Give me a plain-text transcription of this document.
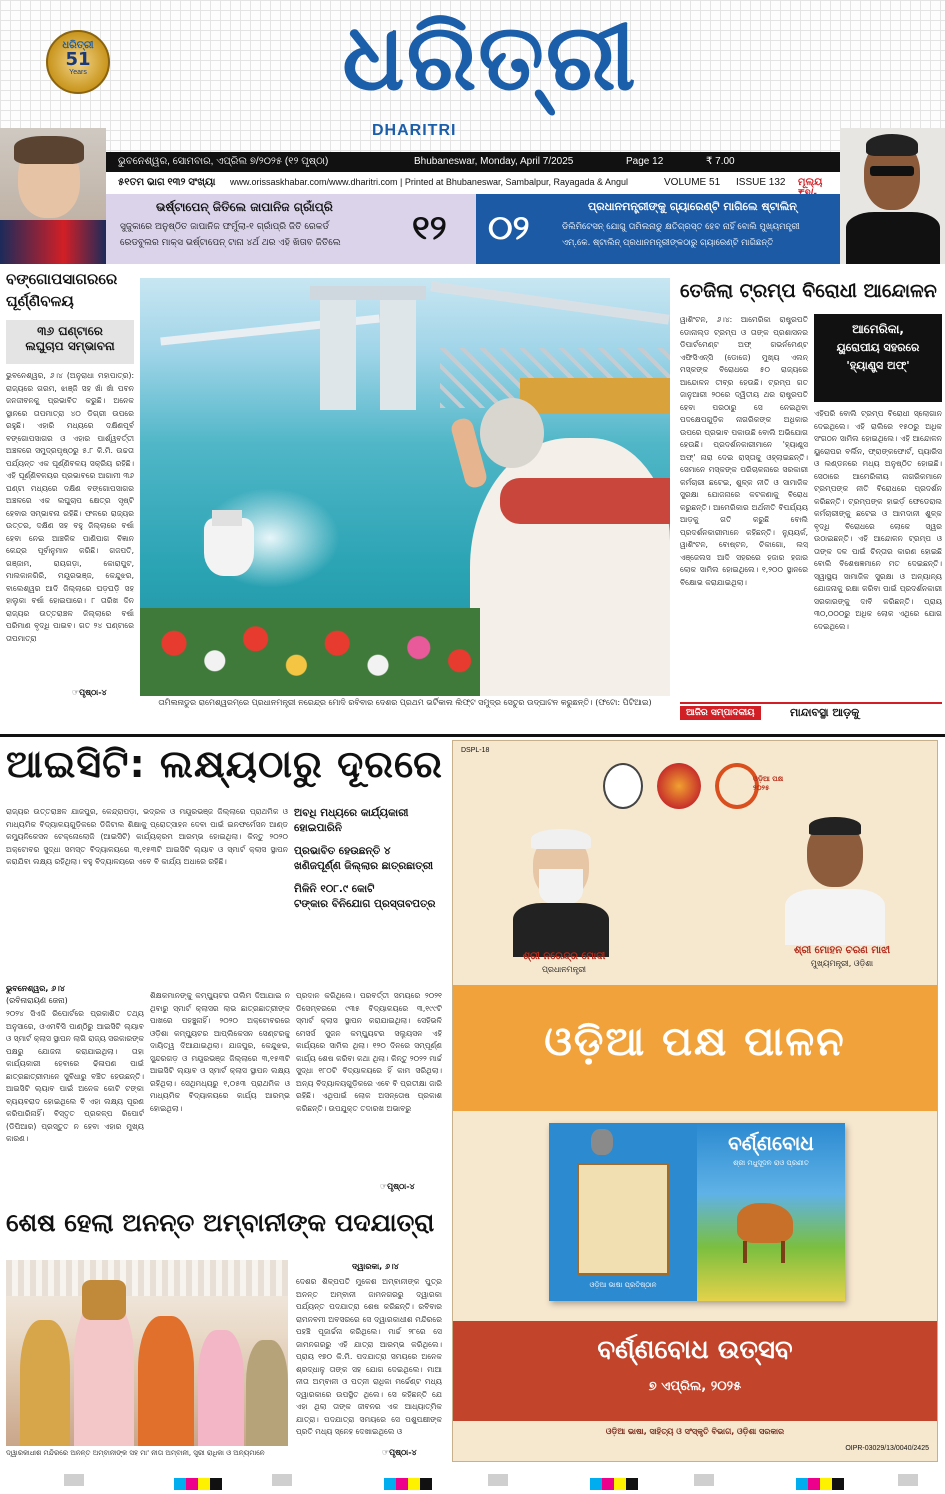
ଧରିତ୍ରୀ
51
Years	ଧରିତ୍ରୀ
DHARITRI
ଭୁବନେଶ୍ୱର, ସୋମବାର, ଏପ୍ରିଲ ୭/୨୦୨୫ (୧୨ ପୃଷ୍ଠା)	Bhubaneswar, Monday, April 7/2025	Page 12	₹ 7.00
୫୧ତମ ଭାଗ ୧୩୨ ସଂଖ୍ୟା www.orissaskhabar.com/www.dharitri.com | Printed at Bhubaneswar, Sambalpur, Rayagada & Angul	VOLUME 51 ISSUE 132 ମୂଲ୍ୟ
ଭର୍ଷ୍ଟାପେନ୍ ଜିତିଲେ ଜାପାନିଜ ଗ୍ରାଁପ୍ରି
ସୁଜୁକାରେ ଅନୁଷ୍ଠିତ ଜାପାନିଜ ଫର୍ମୁଲା-୧ ଗ୍ରାଁପ୍ରି ଜିତି ରେକର୍ଡ
ରେଡବୁଲର ମାକ୍ସ ଭର୍ଷ୍ଟାପେନ୍ ଟାନା ୪ର୍ଥ ଥର ଏହି ଖିତାବ ଜିତିଲେ	୧୨ ୦୨
ପ୍ରଧାନମନ୍ତ୍ରୀଙ୍କୁ ଗ୍ୟାରେଣ୍ଟି ମାଗିଲେ ଷ୍ଟାଲିନ୍
ଡିଲିମିଟେସନ୍ ଯୋଗୁ ତାମିଲନାଡୁ କ୍ଷତିଗ୍ରସ୍ତ ହେବ ନାହିଁ ବୋଲି ମୁଖ୍ୟମନ୍ତ୍ରୀ
ଏମ୍.କେ. ଷ୍ଟାଲିନ୍ ପ୍ରଧାନମନ୍ତ୍ରୀଙ୍କଠାରୁ ଗ୍ୟାରେଣ୍ଟି ମାଗିଛନ୍ତି
ବଙ୍ଗୋପସାଗରରେ
ଘୂର୍ଣ୍ଣିବଳୟ
୩୬ ଘଣ୍ଟାରେ
ଲଘୁଚାପ ସମ୍ଭାବନା
ଭୁବନେଶ୍ୱର, ୬।୪ (ଅନୁରାଧା ମହାପାତ୍ର): ରାଜ୍ୟରେ ଗରମ, ଝାଞ୍ଜି ସହ ଖାଁ ଖାଁ ପବନ ଜନଜୀବନକୁ ପ୍ରଭାବିତ କରୁଛି। ଅନେକ ସ୍ଥାନରେ ତାପମାତ୍ରା ୪୦ ଡିଗ୍ରୀ ଉପରେ ରହୁଛି। ଏହାରି ମଧ୍ୟରେ ଦକ୍ଷିଣପୂର୍ବ ବଙ୍ଗୋପସାଗର ଓ ଏହାର ପାର୍ଶ୍ୱବର୍ତ୍ତୀ ଅଞ୍ଚଳରେ ସମୁଦ୍ରପୃଷ୍ଠରୁ ୫.୮ କି.ମି. ଉଚ୍ଚତା ପର୍ଯ୍ୟନ୍ତ ଏକ ଘୂର୍ଣ୍ଣିବଳୟ ସକ୍ରିୟ ରହିଛି। ଏହି ଘୂର୍ଣ୍ଣିବଳୟର ପ୍ରଭାବରେ ଆଗାମୀ ୩୬ ଘଣ୍ଟା ମଧ୍ୟରେ ଦକ୍ଷିଣ ବଙ୍ଗୋପସାଗର ଅଞ୍ଚଳରେ ଏକ ଲଘୁଚାପ କ୍ଷେତ୍ର ସୃଷ୍ଟି ହେବାର ସମ୍ଭାବନା ରହିଛି। ଫଳରେ ରାଜ୍ୟର ଉତ୍ତର, ଦକ୍ଷିଣ ସହ ବହୁ ଜିଲ୍ଲାରେ ବର୍ଷା ହେବା ନେଇ ଆଞ୍ଚଳିକ ପାଣିପାଗ ବିଜ୍ଞାନ କେନ୍ଦ୍ର ପୂର୍ବାନୁମାନ କରିଛି। ଗଜପତି, ଗଞ୍ଜାମ, ରାୟଗଡ଼ା, କୋରାପୁଟ, ମାଲକାନଗିରି, ମୟୂରଭଞ୍ଜ, କେନ୍ଦୁଝର, ବାଲେଶ୍ୱର ଆଦି ଜିଲ୍ଲାରେ ଘଡ଼ଘଡ଼ି ସହ ହାଲୁକା ବର୍ଷା ହୋଇପାରେ। ୮ ତାରିଖ ଦିନ ରାଜ୍ୟର ଉତ୍ତରାଞ୍ଚଳ ଜିଲ୍ଲାରେ ବର୍ଷା ପରିମାଣ ବୃଦ୍ଧି ପାଇବ। ଗତ ୨୪ ଘଣ୍ଟାରେ ତାପମାତ୍ରା
☞ପୃଷ୍ଠା-୪
ତାମିଲନାଡୁର ରାମେଶ୍ୱରମ୍‌ରେ ପ୍ରଧାନମନ୍ତ୍ରୀ ନରେନ୍ଦ୍ର ମୋଦି ରବିବାର ଦେଶର ପ୍ରଥମ ଭର୍ଟିକାଲ ଲିଫ୍ଟ ସମୁଦ୍ର ସେତୁର ଉଦ୍‌ଘାଟନ କରୁଛନ୍ତି। (ଫଟୋ: ପିଟିଆଇ)
ତେଜିଲା ଟ୍ରମ୍ପ ବିରୋଧୀ ଆନ୍ଦୋଳନ
ଆମେରିକା,
ୟୁରୋପୀୟ ସହରରେ
'ହ୍ୟାଣ୍ଡ୍ସ ଅଫ୍'
ୱାଶିଂଟନ, ୬।୪: ଆମେରିକା ରାଷ୍ଟ୍ରପତି ଡୋନାଲ୍ଡ ଟ୍ରମ୍ପ ଓ ତାଙ୍କ ପ୍ରଶାସନର ଡିପାର୍ଟମେଣ୍ଟ ଅଫ୍ ଗଭର୍ନମେଣ୍ଟ ଏଫିସିଏନ୍ସି (ଡୋଜେ) ମୁଖ୍ୟ ଏଲନ୍ ମସ୍କଙ୍କ ବିରୋଧରେ ୫୦ ରାଜ୍ୟରେ ଆନ୍ଦୋଳନ ତୀବ୍ର ହେଉଛି। ଟ୍ରମ୍ପ ଗତ ଜାନୁଆରୀ ୨୦ରେ ଦ୍ୱିତୀୟ ଥର ରାଷ୍ଟ୍ରପତି ହେବା ପରଠାରୁ ସେ ନେଇଥିବା ପଦକ୍ଷେପଗୁଡ଼ିକ ନାଗରିକଙ୍କ ଅଧିକାର ଉପରେ ପ୍ରଭାବ ପକାଉଛି ବୋଲି ଅଭିଯୋଗ ହେଉଛି। ପ୍ରଦର୍ଶନକାରୀମାନେ 'ହ୍ୟାଣ୍ଡ୍ସ ଅଫ୍' ନାରା ଦେଇ ରାସ୍ତାକୁ ଓହ୍ଲାଇଛନ୍ତି। ସେମାନେ ମସ୍କଙ୍କ ପରିଚାଳନାରେ ସରକାରୀ କର୍ମଚାରୀ ଛଟେଇ, ଶୁଳ୍କ ନୀତି ଓ ସାମାଜିକ ସୁରକ୍ଷା ଯୋଜନାରେ କଟକଣାକୁ ବିରୋଧ କରୁଛନ୍ତି। ଆମେରିକାର ଅର୍ଥନୀତି ବିପର୍ଯ୍ୟୟ ଆଡ଼କୁ ଗତି କରୁଛି ବୋଲି ପ୍ରଦର୍ଶନକାରୀମାନେ କହିଛନ୍ତି। ନ୍ୟୁୟର୍କ, ୱାଶିଂଟନ, ବୋଷ୍ଟନ, ଚିକାଗୋ, ଲସ୍ ଏଞ୍ଜେଲସ ଆଦି ସହରରେ ହଜାର ହଜାର ଲୋକ ସାମିଲ ହୋଇଥିଲେ। ୧,୨୦୦ ସ୍ଥାନରେ ବିକ୍ଷୋଭ କରାଯାଇଥିଲା।
ଏହିପରି ବୋଲି ଟ୍ରମ୍ପ ବିରୋଧୀ ସ୍ଲୋଗାନ ଦେଇଥିଲେ। ଏହି ରାଲିରେ ୧୫୦ରୁ ଅଧିକ ସଂଗଠନ ସାମିଲ ହୋଇଥିଲେ। ଏହି ଆନ୍ଦୋଳନ ୟୁରୋପର ବର୍ଲିନ, ଫ୍ରାଙ୍କଫୋର୍ଟ, ପ୍ୟାରିସ ଓ ଲଣ୍ଡନରେ ମଧ୍ୟ ଅନୁଷ୍ଠିତ ହୋଇଛି। ସେଠାରେ ଆମେରିକୀୟ ନାଗରିକମାନେ ଟ୍ରମ୍ପଙ୍କ ନୀତି ବିରୋଧରେ ପ୍ରଦର୍ଶନ କରିଛନ୍ତି। ଟ୍ରମ୍ପଙ୍କ ହାଇର୍ଡ଼ ଫେଡେରାଲ କର୍ମଚାରୀଙ୍କୁ ଛଟେଇ ଓ ଆମଦାନୀ ଶୁଳ୍କ ବୃଦ୍ଧି ବିରୋଧରେ ଲୋକେ ସ୍ୱର ଉଠାଇଛନ୍ତି। ଏହି ଆନ୍ଦୋଳନ ଟ୍ରମ୍ପ ଓ ତାଙ୍କ ଦଳ ପାଇଁ ଚିନ୍ତାର କାରଣ ହୋଇଛି ବୋଲି ବିଶେଷଜ୍ଞମାନେ ମତ ଦେଇଛନ୍ତି। ସ୍ୱାସ୍ଥ୍ୟ ସାମାଜିକ ସୁରକ୍ଷା ଓ ଅନ୍ୟାନ୍ୟ ଯୋଜନାକୁ ରକ୍ଷା କରିବା ପାଇଁ ପ୍ରଦର୍ଶନକାରୀ ସରକାରଙ୍କୁ ଦାବି କରିଛନ୍ତି। ପ୍ରାୟ ୩୦,୦୦୦ରୁ ଅଧିକ ଲୋକ ଏଥିରେ ଯୋଗ ଦେଇଥିଲେ।
ଆଜିର ସମ୍ପାଦକୀୟ	ମାନ୍ଦାବସ୍ଥା ଆଡ଼କୁ
ଆଇସିଟି: ଲକ୍ଷ୍ୟଠାରୁ ଦୂରରେ
ରାଜ୍ୟର ଉତ୍ତରାଞ୍ଚଳ ଯାଜପୁର, କେନ୍ଦ୍ରାପଡ଼ା, ଭଦ୍ରକ ଓ ମୟୂରଭଞ୍ଜ ଜିଲ୍ଲାରେ ପ୍ରାଥମିକ ଓ ମାଧ୍ୟମିକ ବିଦ୍ୟାଳୟଗୁଡ଼ିକରେ ଡିଜିଟାଲ ଶିକ୍ଷାକୁ ପ୍ରୋତ୍ସାହନ ଦେବା ପାଇଁ ଇନଫର୍ମେସନ ଆଣ୍ଡ କମ୍ୟୁନିକେସନ ଟେକ୍ନୋଲୋଜି (ଆଇସିଟି) କାର୍ଯ୍ୟକ୍ରମ ଆରମ୍ଭ ହୋଇଥିଲା। କିନ୍ତୁ ୨୦୨୦ ଅକ୍ଟୋବର ସୁଦ୍ଧା ସମସ୍ତ ବିଦ୍ୟାଳୟରେ ୩,୧୫୩ଟି ଆଇସିଟି ଲ୍ୟାବ ଓ ସ୍ମାର୍ଟ କ୍ଲାସ ସ୍ଥାପନ କରାଯିବା ଲକ୍ଷ୍ୟ ରହିଥିଲା। ବହୁ ବିଦ୍ୟାଳୟରେ ଏବେ ବି କାର୍ଯ୍ୟ ଅଧାରେ ରହିଛି।
ଅବଧି ମଧ୍ୟରେ କାର୍ଯ୍ୟକାରୀ
ହୋଇପାରିନି
ପ୍ରଭାବିତ ହେଉଛନ୍ତି ୪
ଖଣିଜପୂର୍ଣ୍ଣ ଜିଲ୍ଲାର ଛାତ୍ରଛାତ୍ରୀ
ମିଳିନି ୧୦୮.୯ କୋଟି
ଟଙ୍କାର ବିନିଯୋଗ ପ୍ରସ୍ତାବପତ୍ର
ଭୁବନେଶ୍ୱର, ୬।୪
(ରବିନାରାୟଣ ଜେନା)
୨୦୨୪ ସିଏଜି ରିପୋର୍ଟରେ ପ୍ରକାଶିତ ତଥ୍ୟ ଅନୁସାରେ, ଓଏମବିସି ପାଣ୍ଠିରୁ ଆଇସିଟି ଲ୍ୟାବ ଓ ସ୍ମାର୍ଟ କ୍ଲାସ ସ୍ଥାପନ ଲାଗି ରାଜ୍ୟ ସରକାରଙ୍କ ପକ୍ଷରୁ ଯୋଜନା କରାଯାଇଥିଲା। ତାହା କାର୍ଯ୍ୟକାରୀ ହେବାରେ ଢିଳାପଣ ପାଇଁ ଛାତ୍ରଛାତ୍ରୀମାନେ ସୁବିଧାରୁ ବଞ୍ଚିତ ହେଉଛନ୍ତି। ଆଇସିଟି ଲ୍ୟାବ ପାଇଁ ଅନେକ କୋଟି ଟଙ୍କା ବ୍ୟୟବରାଦ ହୋଇଥିଲେ ବି ଏହା ଲକ୍ଷ୍ୟ ପୂରଣ କରିପାରିନାହିଁ। ବିସ୍ତୃତ ପ୍ରକଳ୍ପ ରିପୋର୍ଟ (ଡିପିଆର) ପ୍ରସ୍ତୁତ ନ ହେବା ଏହାର ମୁଖ୍ୟ କାରଣ।
ଶିକ୍ଷକମାନଙ୍କୁ କମ୍ପ୍ୟୁଟର ତାଲିମ ଦିଆଯାଇ ନ ଥିବାରୁ ସ୍ମାର୍ଟ କ୍ଲାସର ଲାଭ ଛାତ୍ରଛାତ୍ରୀଙ୍କ ପାଖରେ ପହଞ୍ଚୁନାହିଁ। ୨୦୨୦ ଅକ୍ଟୋବରରେ ଓଡ଼ିଶା କମ୍ପ୍ୟୁଟର ଆପ୍ଲିକେସନ ସେଣ୍ଟରକୁ ଦାୟିତ୍ୱ ଦିଆଯାଇଥିଲା। ଯାଜପୁର, କେନ୍ଦୁଝର, ସୁନ୍ଦରଗଡ଼ ଓ ମୟୂରଭଞ୍ଜ ଜିଲ୍ଲାରେ ୩,୧୫୩ଟି ଆଇସିଟି ଲ୍ୟାବ ଓ ସ୍ମାର୍ଟ କ୍ଲାସ ସ୍ଥାପନ ଲକ୍ଷ୍ୟ ରହିଥିଲା। ସେଥିମଧ୍ୟରୁ ୧,୦୫୩ ପ୍ରାଥମିକ ଓ ମାଧ୍ୟମିକ ବିଦ୍ୟାଳୟରେ କାର୍ଯ୍ୟ ଆରମ୍ଭ ହୋଇଥିଲା।
ପ୍ରଦାନ କରିଥିଲେ। ପରବର୍ତ୍ତୀ ସମୟରେ ୨୦୨୧ ଡିସେମ୍ବରରେ ୯୩୫ ବିଦ୍ୟାଳୟରେ ୩,୧୯୯ଟି ସ୍ମାର୍ଟ କ୍ଲାସ ସ୍ଥାପନ କରାଯାଇଥିଲା। ସେହିଭଳି ମେସର୍ସ ସୁଜନ କମ୍ପ୍ୟୁଟର ସଲ୍ୟୁସନ ଏହି କାର୍ଯ୍ୟରେ ସାମିଲ ଥିଲା। ୧୨୦ ଦିନରେ ସମ୍ପୂର୍ଣ୍ଣ କାର୍ଯ୍ୟ ଶେଷ କରିବା କଥା ଥିଲା। କିନ୍ତୁ ୨୦୨୨ ମାର୍ଚ୍ଚ ସୁଦ୍ଧା ୧୮୦ଟି ବିଦ୍ୟାଳୟରେ ହିଁ କାମ ସରିଥିଲା। ଅନ୍ୟ ବିଦ୍ୟାଳୟଗୁଡ଼ିକରେ ଏବେ ବି ପ୍ରତୀକ୍ଷା ଜାରି ରହିଛି। ଏଥିପାଇଁ ଲୋକ ଅସନ୍ତୋଷ ପ୍ରକାଶ କରିଛନ୍ତି। ଉପଯୁକ୍ତ ତଦାରଖ ଅଭାବରୁ
☞ପୃଷ୍ଠା-୪
ଶେଷ ହେଲା ଅନନ୍ତ ଅମ୍ବାନୀଙ୍କ ପଦଯାତ୍ରା
ଦ୍ୱାରକାଧୀଶ ମନ୍ଦିରରେ ଅନନ୍ତ ଅମ୍ବାନୀଙ୍କ ସହ ମା' ନୀତା ଅମ୍ବାନୀ, ସ୍ତ୍ରୀ ରାଧିକା ଓ ଅନ୍ୟମାନେ
ଦ୍ୱାରକା, ୬।୪
ଦେଶର ଶିଳ୍ପପତି ମୁକେଶ ଅମ୍ବାନୀଙ୍କ ପୁତ୍ର ଅନନ୍ତ ଅମ୍ବାନୀ ଜାମନଗରରୁ ଦ୍ୱାରକା ପର୍ଯ୍ୟନ୍ତ ପଦଯାତ୍ରା ଶେଷ କରିଛନ୍ତି। ରବିବାର ରାମନବମୀ ଅବସରରେ ସେ ଦ୍ୱାରକାଧୀଶ ମନ୍ଦିରରେ ପହଞ୍ଚି ପୂଜାର୍ଚ୍ଚନା କରିଥିଲେ। ମାର୍ଚ୍ଚ ୨୮ରେ ସେ ଜାମନଗରରୁ ଏହି ଯାତ୍ରା ଆରମ୍ଭ କରିଥିଲେ। ପ୍ରାୟ ୧୭୦ କି.ମି. ପଦଯାତ୍ରା ସମୟରେ ଅନେକ ଶ୍ରଦ୍ଧାଳୁ ତାଙ୍କ ସହ ଯୋଗ ଦେଇଥିଲେ। ମାଆ ନୀତା ଅମ୍ବାନୀ ଓ ପତ୍ନୀ ରାଧିକା ମର୍ଚ୍ଚେଣ୍ଟ ମଧ୍ୟ ଦ୍ୱାରକାରେ ଉପସ୍ଥିତ ଥିଲେ। ସେ କହିଛନ୍ତି ଯେ ଏହା ଥିଲା ତାଙ୍କ ଜୀବନର ଏକ ଆଧ୍ୟାତ୍ମିକ ଯାତ୍ରା। ପଦଯାତ୍ରା ସମୟରେ ସେ ପଶୁପକ୍ଷୀଙ୍କ ପ୍ରତି ମଧ୍ୟ ସ୍ନେହ ଦେଖାଇଥିଲେ ଓ
☞ପୃଷ୍ଠା-୪
DSPL-18
ଓଡ଼ିଆ ପକ୍ଷ ୨୦୨୫
ଶ୍ରୀ ନରେନ୍ଦ୍ର ମୋଦୀ
ପ୍ରଧାନମନ୍ତ୍ରୀ
ଶ୍ରୀ ମୋହନ ଚରଣ ମାଝୀ
ମୁଖ୍ୟମନ୍ତ୍ରୀ, ଓଡ଼ିଶା
ଓଡ଼ିଆ ପକ୍ଷ ପାଳନ
ଓଡ଼ିଆ ଭାଷା ପ୍ରତିଷ୍ଠାନ
ବର୍ଣ୍ଣବୋଧ
ଶ୍ରୀ ମଧୁସୂଦନ ରାଓ ପ୍ରଣୀତ
ବର୍ଣ୍ଣବୋଧ ଉତ୍ସବ
୭ ଏପ୍ରିଲ, ୨୦୨୫
ଓଡ଼ିଆ ଭାଷା, ସାହିତ୍ୟ ଓ ସଂସ୍କୃତି ବିଭାଗ, ଓଡ଼ିଶା ସରକାର
OIPR-03029/13/0040/2425
